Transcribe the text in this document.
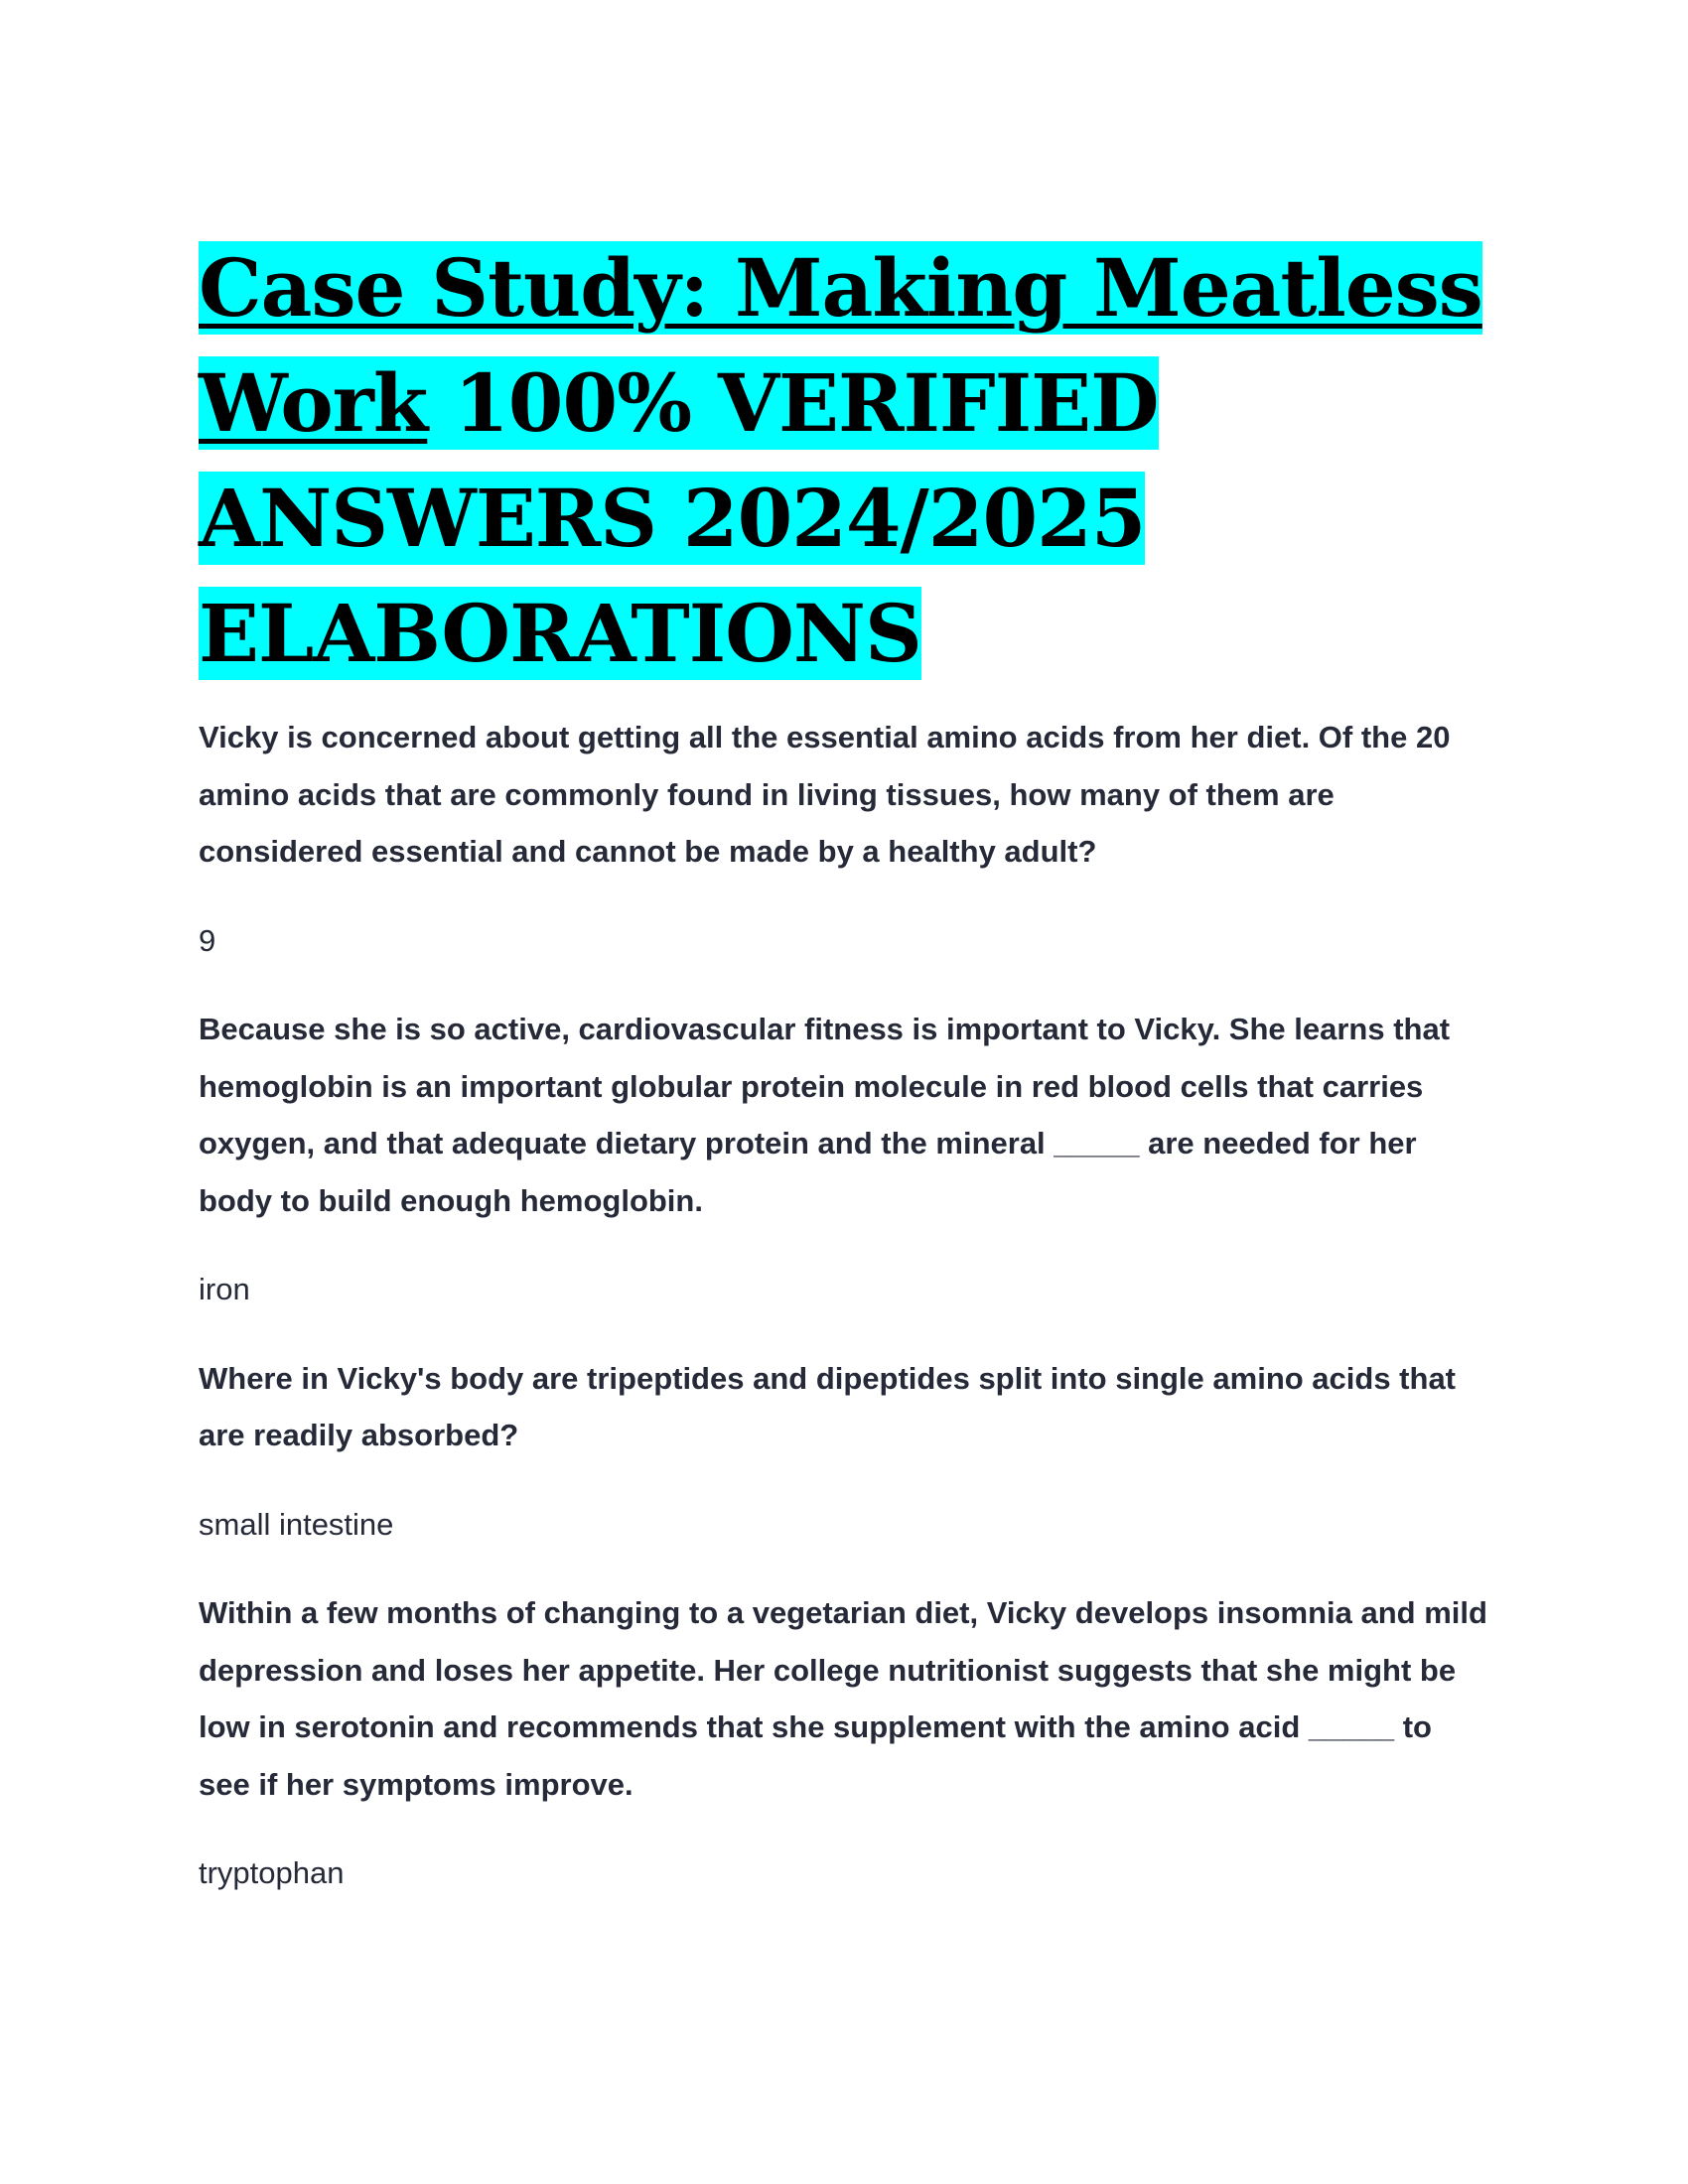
Case Study: Making Meatless Work 100% VERIFIED ANSWERS 2024/2025 ELABORATIONS

Vicky is concerned about getting all the essential amino acids from her diet. Of the 20 amino acids that are commonly found in living tissues, how many of them are considered essential and cannot be made by a healthy adult?

9

Because she is so active, cardiovascular fitness is important to Vicky. She learns that hemoglobin is an important globular protein molecule in red blood cells that carries oxygen, and that adequate dietary protein and the mineral _____ are needed for her body to build enough hemoglobin.

iron

Where in Vicky's body are tripeptides and dipeptides split into single amino acids that are readily absorbed?

small intestine

Within a few months of changing to a vegetarian diet, Vicky develops insomnia and mild depression and loses her appetite. Her college nutritionist suggests that she might be low in serotonin and recommends that she supplement with the amino acid _____ to see if her symptoms improve.

tryptophan
